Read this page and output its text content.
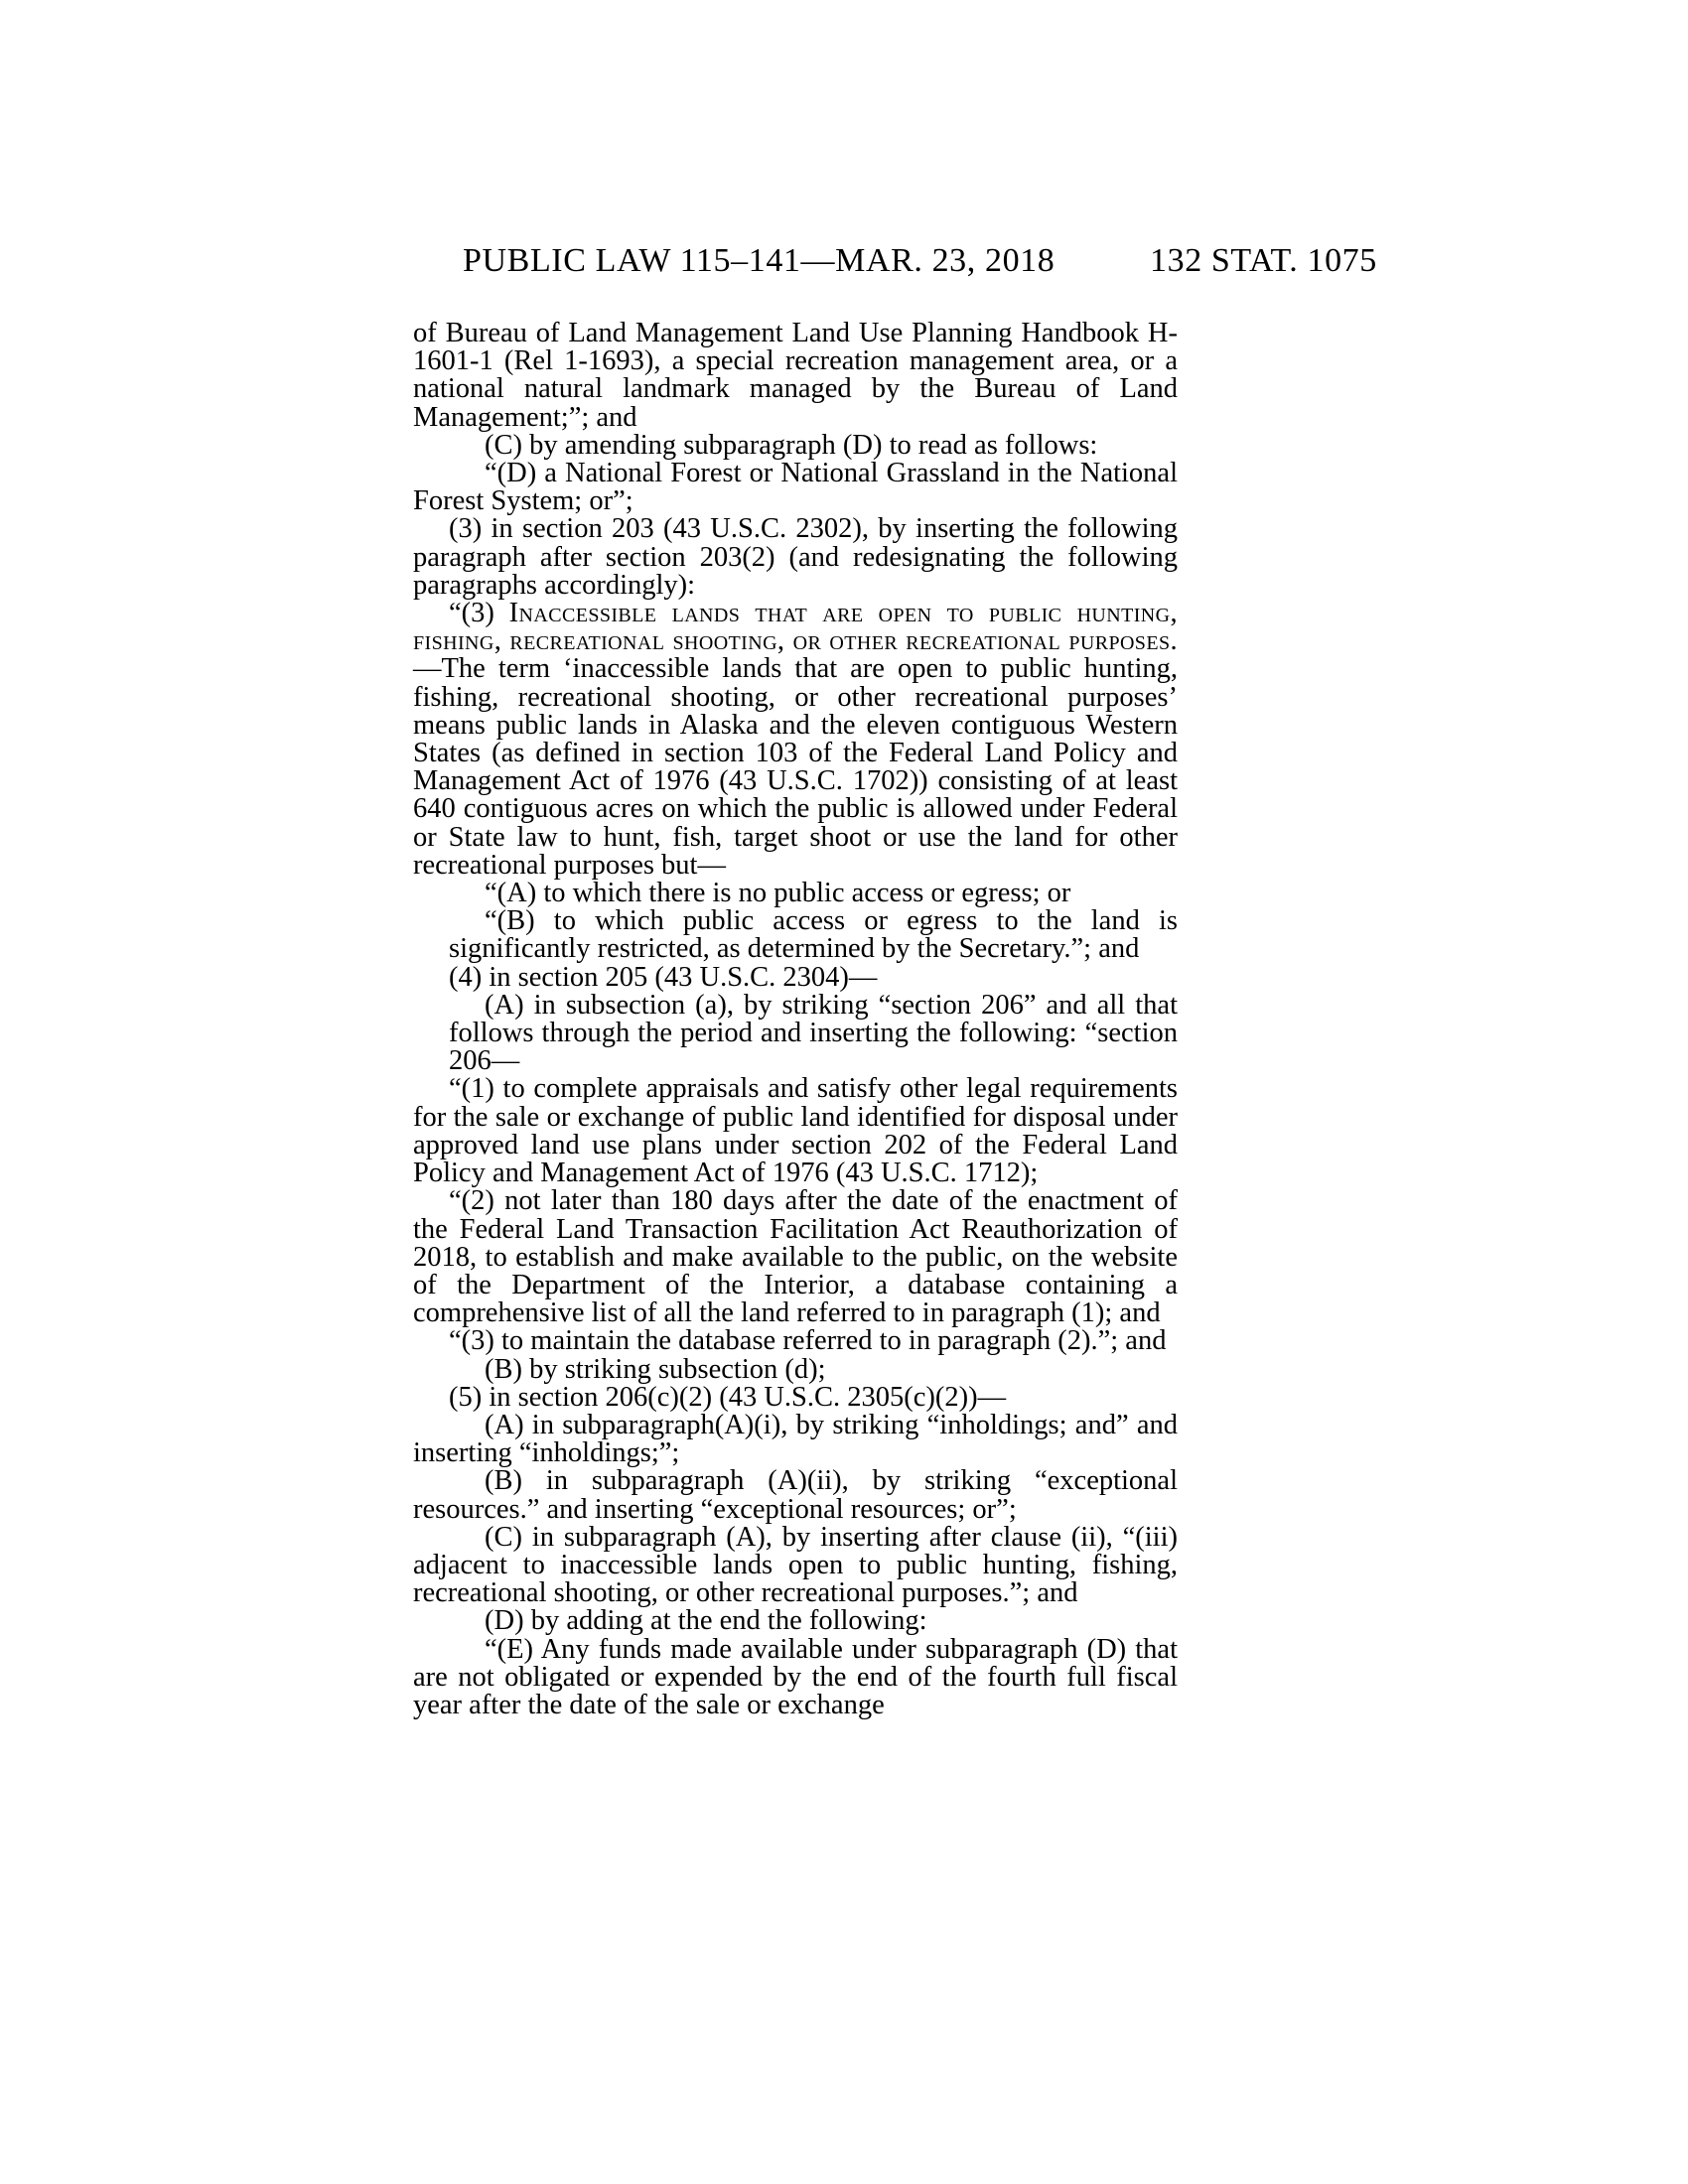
PUBLIC LAW 115–141—MAR. 23, 2018	132 STAT. 1075

of Bureau of Land Management Land Use Planning Handbook H-1601-1 (Rel 1-1693), a special recreation management area, or a national natural landmark managed by the Bureau of Land Management;”; and

(C) by amending subparagraph (D) to read as follows:

“(D) a National Forest or National Grassland in the National Forest System; or”;

(3) in section 203 (43 U.S.C. 2302), by inserting the following paragraph after section 203(2) (and redesignating the following paragraphs accordingly):

“(3) Inaccessible lands that are open to public hunting, fishing, recreational shooting, or other recreational purposes.—The term ‘inaccessible lands that are open to public hunting, fishing, recreational shooting, or other recreational purposes’ means public lands in Alaska and the eleven contiguous Western States (as defined in section 103 of the Federal Land Policy and Management Act of 1976 (43 U.S.C. 1702)) consisting of at least 640 contiguous acres on which the public is allowed under Federal or State law to hunt, fish, target shoot or use the land for other recreational purposes but—

“(A) to which there is no public access or egress; or

“(B) to which public access or egress to the land is significantly restricted, as determined by the Secretary.”; and

(4) in section 205 (43 U.S.C. 2304)—

(A) in subsection (a), by striking “section 206” and all that follows through the period and inserting the following: “section 206—

“(1) to complete appraisals and satisfy other legal requirements for the sale or exchange of public land identified for disposal under approved land use plans under section 202 of the Federal Land Policy and Management Act of 1976 (43 U.S.C. 1712);

“(2) not later than 180 days after the date of the enactment of the Federal Land Transaction Facilitation Act Reauthorization of 2018, to establish and make available to the public, on the website of the Department of the Interior, a database containing a comprehensive list of all the land referred to in paragraph (1); and

“(3) to maintain the database referred to in paragraph (2).”; and

(B) by striking subsection (d);

(5) in section 206(c)(2) (43 U.S.C. 2305(c)(2))—

(A) in subparagraph(A)(i), by striking “inholdings; and” and inserting “inholdings;”;

(B) in subparagraph (A)(ii), by striking “exceptional resources.” and inserting “exceptional resources; or”;

(C) in subparagraph (A), by inserting after clause (ii), “(iii) adjacent to inaccessible lands open to public hunting, fishing, recreational shooting, or other recreational purposes.”; and

(D) by adding at the end the following:

“(E) Any funds made available under subparagraph (D) that are not obligated or expended by the end of the fourth full fiscal year after the date of the sale or exchange
